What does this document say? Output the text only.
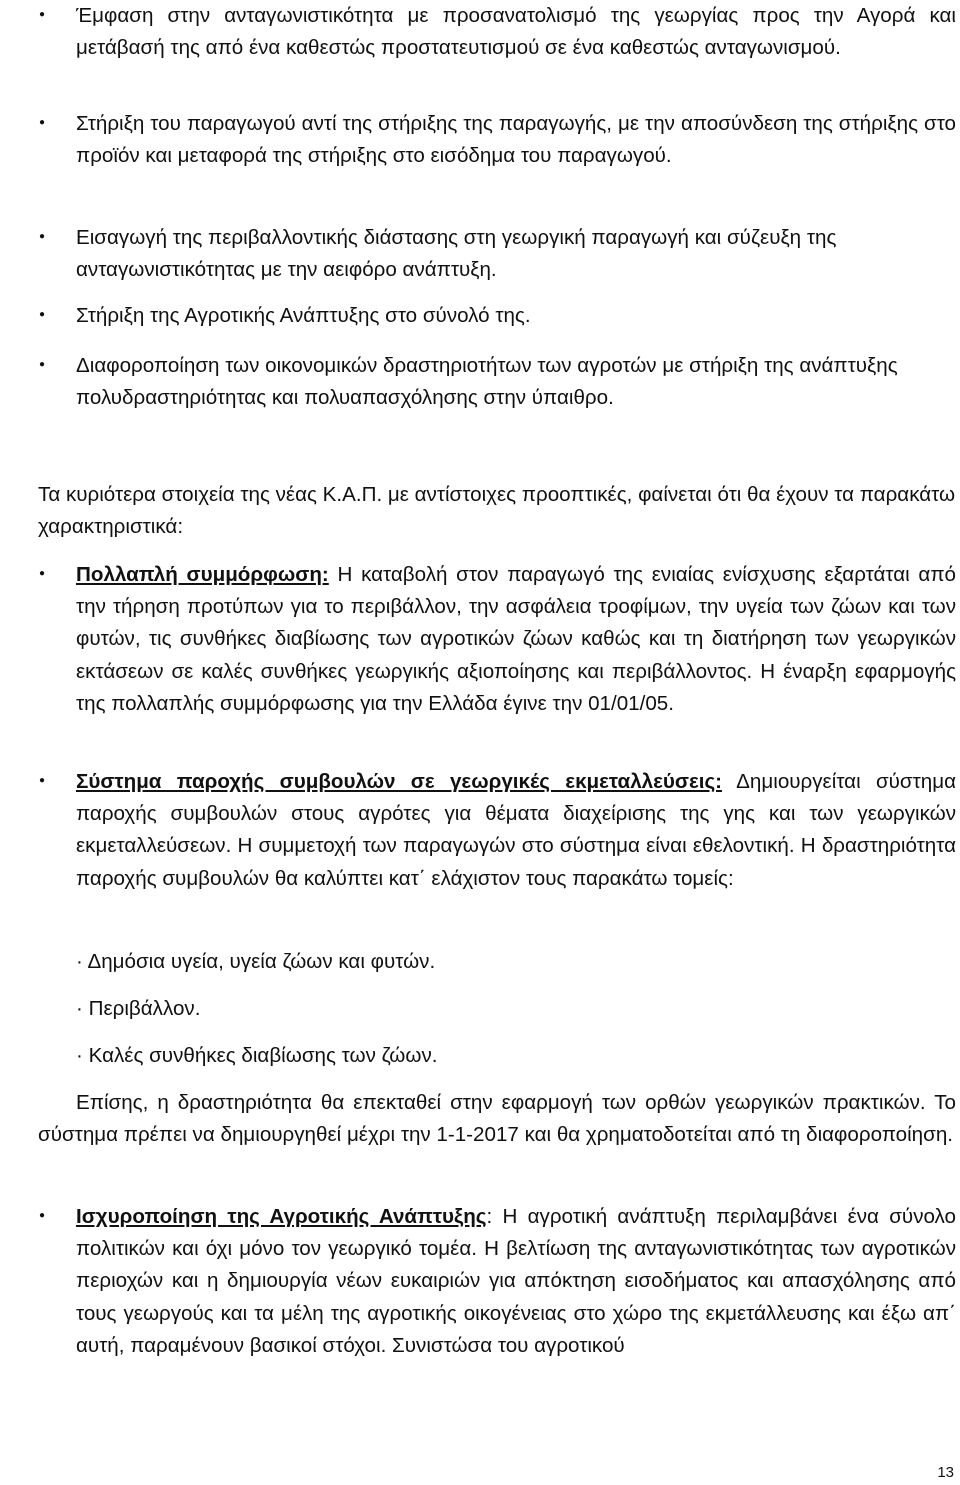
Έμφαση στην ανταγωνιστικότητα με προσανατολισμό της γεωργίας προς την Αγορά και μετάβασή της από ένα καθεστώς προστατευτισμού σε ένα καθεστώς ανταγωνισμού.
Στήριξη του παραγωγού αντί της στήριξης της παραγωγής, με την αποσύνδεση της στήριξης στο προϊόν και μεταφορά της στήριξης στο εισόδημα του παραγωγού.
Εισαγωγή της περιβαλλοντικής διάστασης στη γεωργική παραγωγή και σύζευξη της ανταγωνιστικότητας με την αειφόρο ανάπτυξη.
Στήριξη της Αγροτικής Ανάπτυξης στο σύνολό της.
Διαφοροποίηση των οικονομικών δραστηριοτήτων των αγροτών με στήριξη της ανάπτυξης πολυδραστηριότητας και πολυαπασχόλησης στην ύπαιθρο.
Τα κυριότερα στοιχεία της νέας Κ.Α.Π. με αντίστοιχες προοπτικές, φαίνεται ότι θα έχουν τα παρακάτω χαρακτηριστικά:
Πολλαπλή συμμόρφωση: Η καταβολή στον παραγωγό της ενιαίας ενίσχυσης εξαρτάται από την τήρηση προτύπων για το περιβάλλον, την ασφάλεια τροφίμων, την υγεία των ζώων και των φυτών, τις συνθήκες διαβίωσης των αγροτικών ζώων καθώς και τη διατήρηση των γεωργικών εκτάσεων σε καλές συνθήκες γεωργικής αξιοποίησης και περιβάλλοντος. Η έναρξη εφαρμογής της πολλαπλής συμμόρφωσης για την Ελλάδα έγινε την 01/01/05.
Σύστημα παροχής συμβουλών σε γεωργικές εκμεταλλεύσεις: Δημιουργείται σύστημα παροχής συμβουλών στους αγρότες για θέματα διαχείρισης της γης και των γεωργικών εκμεταλλεύσεων. Η συμμετοχή των παραγωγών στο σύστημα είναι εθελοντική. Η δραστηριότητα παροχής συμβουλών θα καλύπτει κατ΄ ελάχιστον τους παρακάτω τομείς:
· Δημόσια υγεία, υγεία ζώων και φυτών.
· Περιβάλλον.
· Καλές συνθήκες διαβίωσης των ζώων.
Επίσης, η δραστηριότητα θα επεκταθεί στην εφαρμογή των ορθών γεωργικών πρακτικών. Το σύστημα πρέπει να δημιουργηθεί μέχρι την 1-1-2017 και θα χρηματοδοτείται από τη διαφοροποίηση.
Ισχυροποίηση της Αγροτικής Ανάπτυξης: Η αγροτική ανάπτυξη περιλαμβάνει ένα σύνολο πολιτικών και όχι μόνο τον γεωργικό τομέα. Η βελτίωση της ανταγωνιστικότητας των αγροτικών περιοχών και η δημιουργία νέων ευκαιριών για απόκτηση εισοδήματος και απασχόλησης από τους γεωργούς και τα μέλη της αγροτικής οικογένειας στο χώρο της εκμετάλλευσης και έξω απ΄ αυτή, παραμένουν βασικοί στόχοι. Συνιστώσα του αγροτικού
13
